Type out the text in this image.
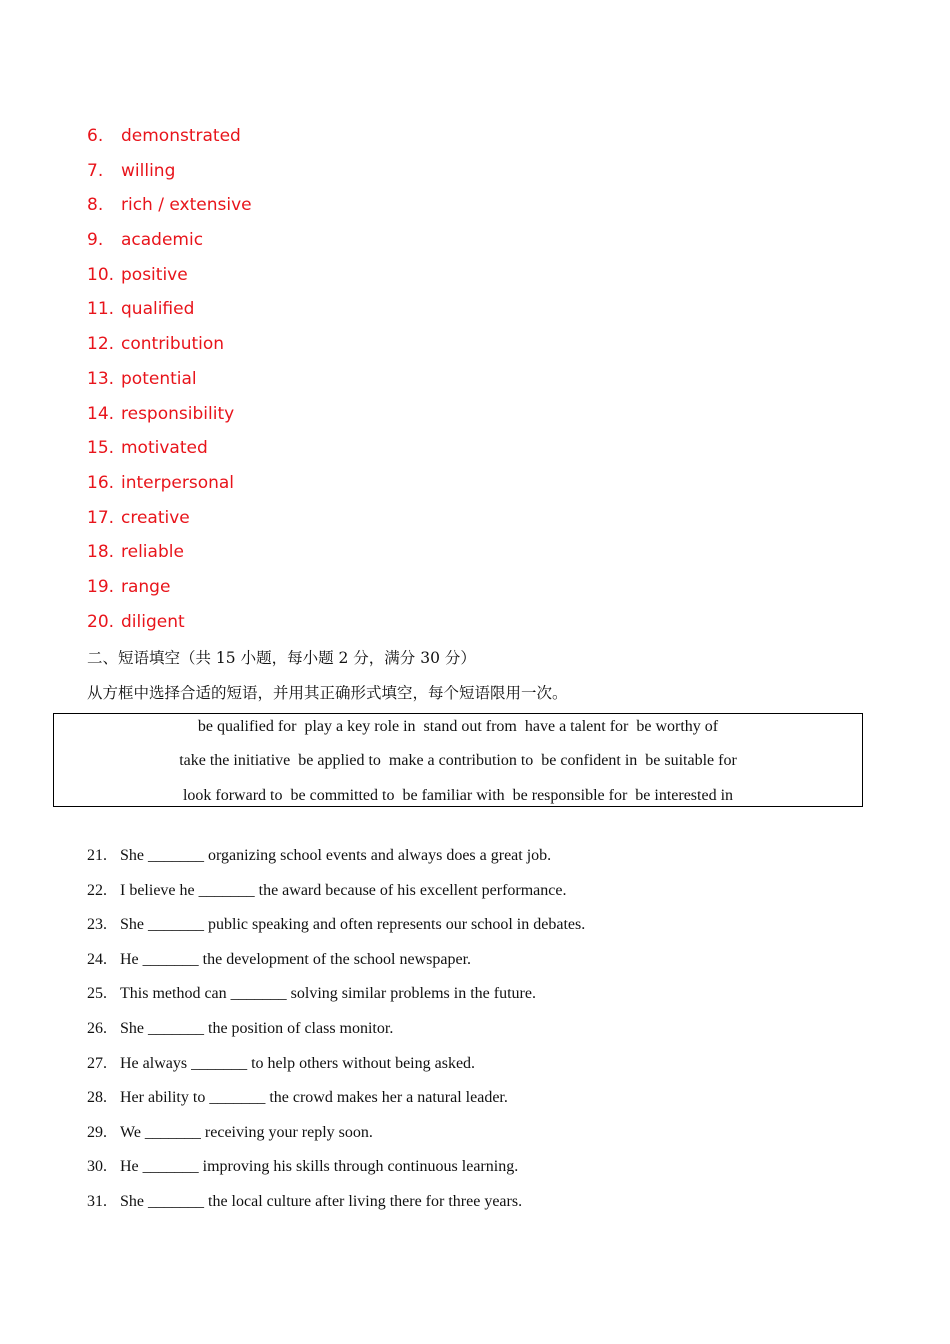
6. demonstrated
7. willing
8. rich / extensive
9. academic
10. positive
11. qualified
12. contribution
13. potential
14. responsibility
15. motivated
16. interpersonal
17. creative
18. reliable
19. range
20. diligent
二、短语填空（共 15 小题，每小题 2 分，满分 30 分）
从方框中选择合适的短语，并用其正确形式填空，每个短语限用一次。
be qualified for  play a key role in  stand out from  have a talent for  be worthy of
take the initiative  be applied to  make a contribution to  be confident in  be suitable for
look forward to  be committed to  be familiar with  be responsible for  be interested in
21. She _______ organizing school events and always does a great job.
22. I believe he _______ the award because of his excellent performance.
23. She _______ public speaking and often represents our school in debates.
24. He _______ the development of the school newspaper.
25. This method can _______ solving similar problems in the future.
26. She _______ the position of class monitor.
27. He always _______ to help others without being asked.
28. Her ability to _______ the crowd makes her a natural leader.
29. We _______ receiving your reply soon.
30. He _______ improving his skills through continuous learning.
31. She _______ the local culture after living there for three years.
